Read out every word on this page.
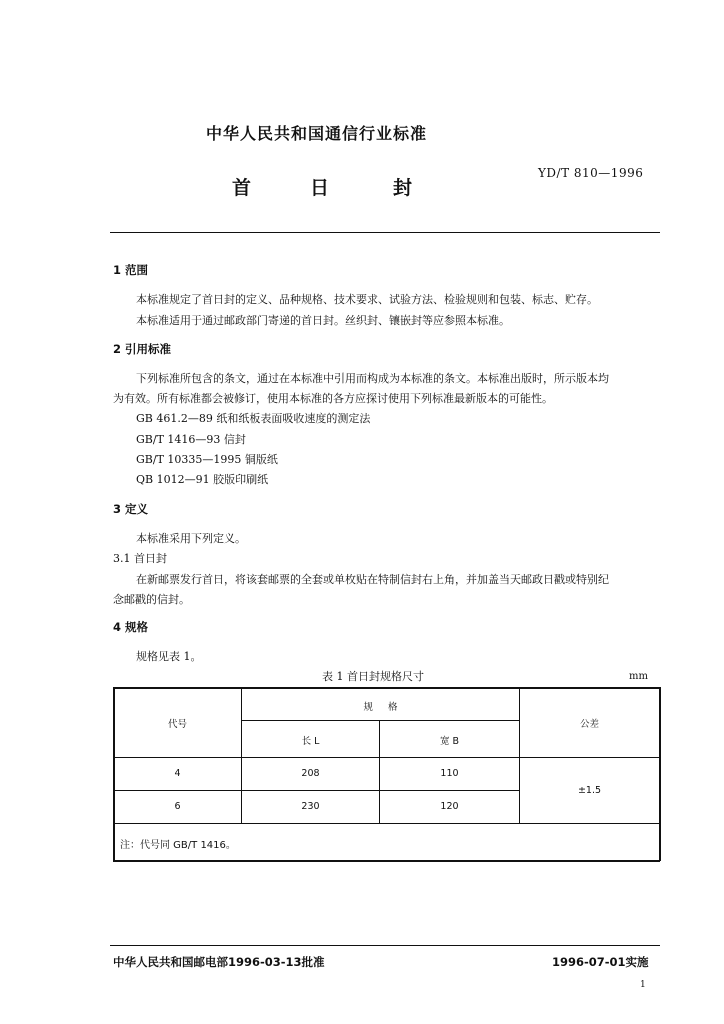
中华人民共和国通信行业标准
首	日	封
YD/T 810—1996
1 范围
本标准规定了首日封的定义、品种规格、技术要求、试验方法、检验规则和包装、标志、贮存。
本标准适用于通过邮政部门寄递的首日封。丝织封、镶嵌封等应参照本标准。
2 引用标准
下列标准所包含的条文，通过在本标准中引用而构成为本标准的条文。本标准出版时，所示版本均
为有效。所有标准都会被修订，使用本标准的各方应探讨使用下列标准最新版本的可能性。
GB 461.2—89 纸和纸板表面吸收速度的测定法
GB/T 1416—93 信封
GB/T 10335—1995 铜版纸
QB 1012—91 胶版印刷纸
3 定义
本标准采用下列定义。
3.1 首日封
在新邮票发行首日，将该套邮票的全套或单枚贴在特制信封右上角，并加盖当天邮政日戳或特别纪
念邮戳的信封。
4 规格
规格见表 1。
表 1 首日封规格尺寸	mm
代号
规     格
长 L	宽 B
公差
4	208	110
6	230	120
±1.5
注：代号同 GB/T 1416。
中华人民共和国邮电部1996-03-13批准	1996-07-01实施
1
